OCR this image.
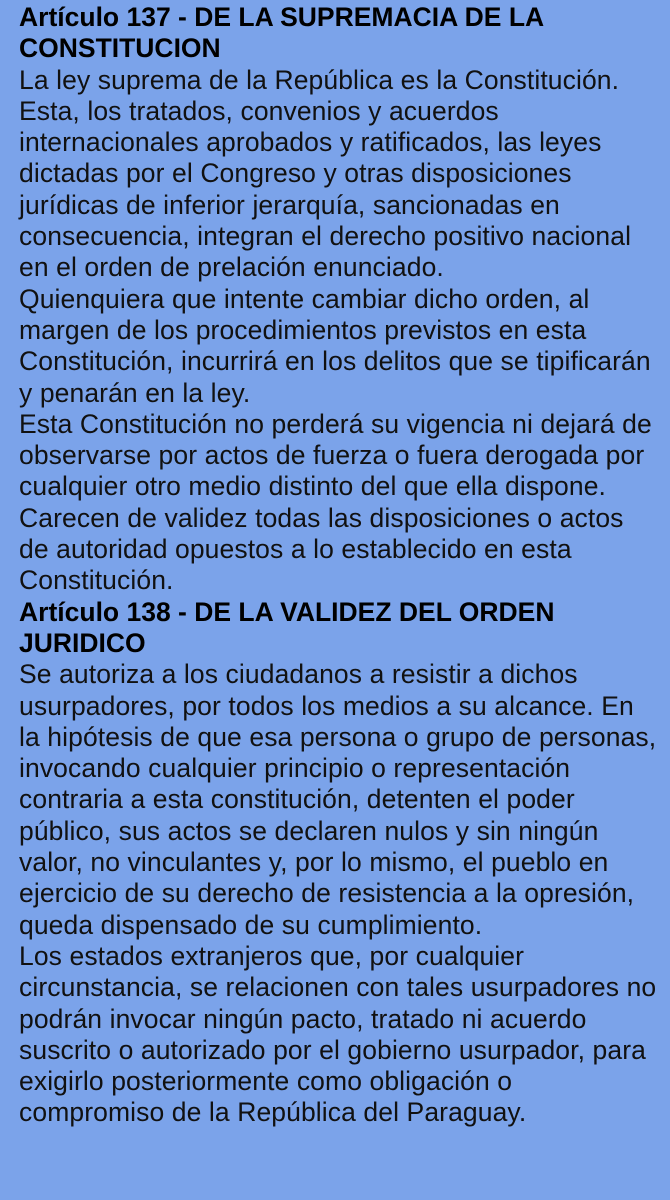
Artículo 137 - DE LA SUPREMACIA DE LA CONSTITUCION

La ley suprema de la República es la Constitución. Esta, los tratados, convenios y acuerdos internacionales aprobados y ratificados, las leyes dictadas por el Congreso y otras disposiciones jurídicas de inferior jerarquía, sancionadas en consecuencia, integran el derecho positivo nacional en el orden de prelación enunciado.

Quienquiera que intente cambiar dicho orden, al margen de los procedimientos previstos en esta Constitución, incurrirá en los delitos que se tipificarán y penarán en la ley.

Esta Constitución no perderá su vigencia ni dejará de observarse por actos de fuerza o fuera derogada por cualquier otro medio distinto del que ella dispone.

Carecen de validez todas las disposiciones o actos de autoridad opuestos a lo establecido en esta Constitución.

Artículo 138 - DE LA VALIDEZ DEL ORDEN JURIDICO

Se autoriza a los ciudadanos a resistir a dichos usurpadores, por todos los medios a su alcance. En la hipótesis de que esa persona o grupo de personas, invocando cualquier principio o representación contraria a esta constitución, detenten el poder público, sus actos se declaren nulos y sin ningún valor, no vinculantes y, por lo mismo, el pueblo en ejercicio de su derecho de resistencia a la opresión, queda dispensado de su cumplimiento.

Los estados extranjeros que, por cualquier circunstancia, se relacionen con tales usurpadores no podrán invocar ningún pacto, tratado ni acuerdo suscrito o autorizado por el gobierno usurpador, para exigirlo posteriormente como obligación o compromiso de la República del Paraguay.
